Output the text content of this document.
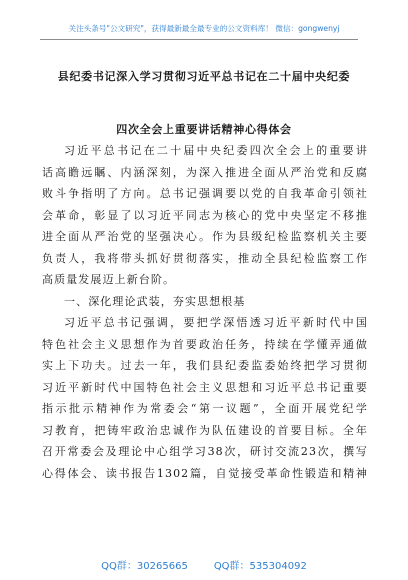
关注头条号"公文研究"，获得最新最全最专业的公文资料库！ 微信：gongwenyj
县纪委书记深入学习贯彻习近平总书记在二十届中央纪委
四次全会上重要讲话精神心得体会
习近平总书记在二十届中央纪委四次全会上的重要讲
话高瞻远瞩、内涵深刻，为深入推进全面从严治党和反腐
败斗争指明了方向。总书记强调要以党的自我革命引领社
会革命，彰显了以习近平同志为核心的党中央坚定不移推
进全面从严治党的坚强决心。作为县级纪检监察机关主要
负责人，我将带头抓好贯彻落实，推动全县纪检监察工作
高质量发展迈上新台阶。
一、深化理论武装，夯实思想根基
习近平总书记强调，要把学深悟透习近平新时代中国
特色社会主义思想作为首要政治任务，持续在学懂弄通做
实上下功夫。过去一年，我们县纪委监委始终把学习贯彻
习近平新时代中国特色社会主义思想和习近平总书记重要
指示批示精神作为常委会“第一议题”，全面开展党纪学
习教育，把铸牢政治忠诚作为队伍建设的首要目标。全年
召开常委会及理论中心组学习38次，研讨交流23次，撰写
心得体会、读书报告1302篇，自觉接受革命性锻造和精神
QQ群：30265665	QQ群：535304092
